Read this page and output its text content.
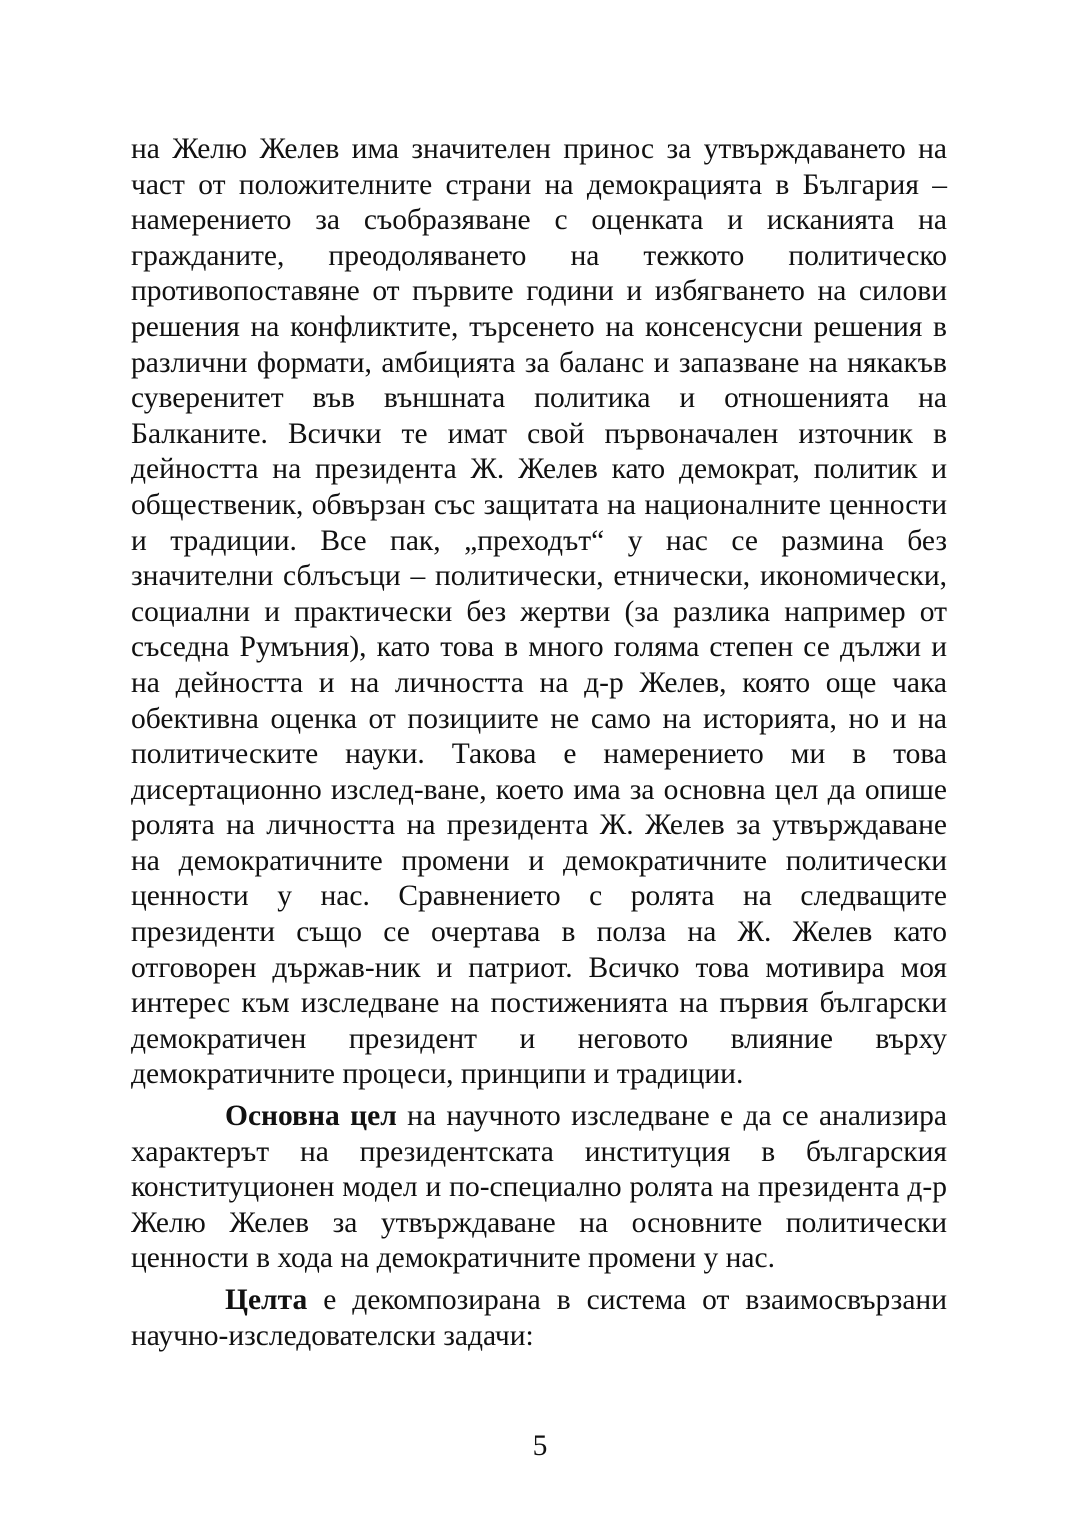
на Желю Желев има значителен принос за утвърждаването на част от положителните страни на демокрацията в България – намерението за съобразяване с оценката и исканията на гражданите, преодоляването на тежкото политическо противопоставяне от първите години и избягването на силови решения на конфликтите, търсенето на консенсусни решения в различни формати, амбицията за баланс и запазване на някакъв суверенитет във външната политика и отношенията на Балканите. Всички те имат свой първоначален източник в дейността на президента Ж. Желев като демократ, политик и общественик, обвързан със защитата на националните ценности и традиции. Все пак, „преходът“ у нас се размина без значителни сблъсъци – политически, етнически, икономически, социални и практически без жертви (за разлика например от съседна Румъния), като това в много голяма степен се дължи и на дейността и на личността на д-р Желев, която още чака обективна оценка от позициите не само на историята, но и на политическите науки. Такова е намерението ми в това дисертационно изслед-ване, което има за основна цел да опише ролята на личността на президента Ж. Желев за утвърждаване на демократичните промени и демократичните политически ценности у нас. Сравнението с ролята на следващите президенти също се очертава в полза на Ж. Желев като отговорен държав-ник и патриот. Всичко това мотивира моя интерес към изследване на постиженията на първия български демократичен президент и неговото влияние върху демократичните процеси, принципи и традиции.

Основна цел на научното изследване е да се анализира характерът на президентската институция в българския конституционен модел и по-специално ролята на президента д-р Желю Желев за утвърждаване на основните политически ценности в хода на демократичните промени у нас.

Целта е декомпозирана в система от взаимосвързани научно-изследователски задачи:

5
